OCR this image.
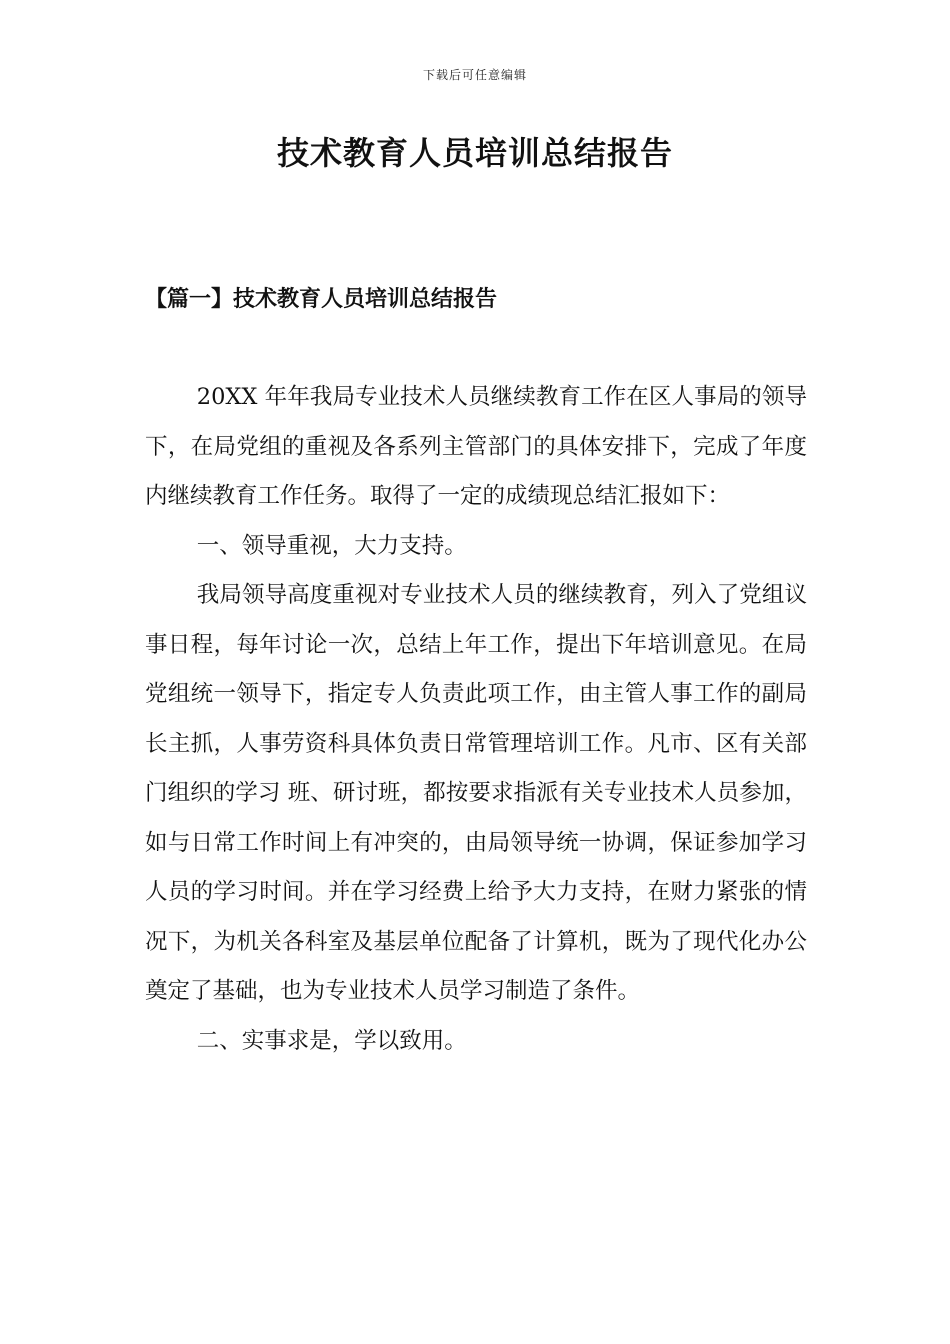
下载后可任意编辑
技术教育人员培训总结报告
【篇一】技术教育人员培训总结报告

20XX 年年我局专业技术人员继续教育工作在区人事局的领导下，在局党组的重视及各系列主管部门的具体安排下，完成了年度内继续教育工作任务。取得了一定的成绩现总结汇报如下：

一、领导重视，大力支持。

我局领导高度重视对专业技术人员的继续教育，列入了党组议事日程，每年讨论一次，总结上年工作，提出下年培训意见。在局党组统一领导下，指定专人负责此项工作，由主管人事工作的副局长主抓，人事劳资科具体负责日常管理培训工作。凡市、区有关部门组织的学习 班、研讨班，都按要求指派有关专业技术人员参加，如与日常工作时间上有冲突的，由局领导统一协调，保证参加学习人员的学习时间。并在学习经费上给予大力支持，在财力紧张的情况下，为机关各科室及基层单位配备了计算机，既为了现代化办公奠定了基础，也为专业技术人员学习制造了条件。

二、实事求是，学以致用。
